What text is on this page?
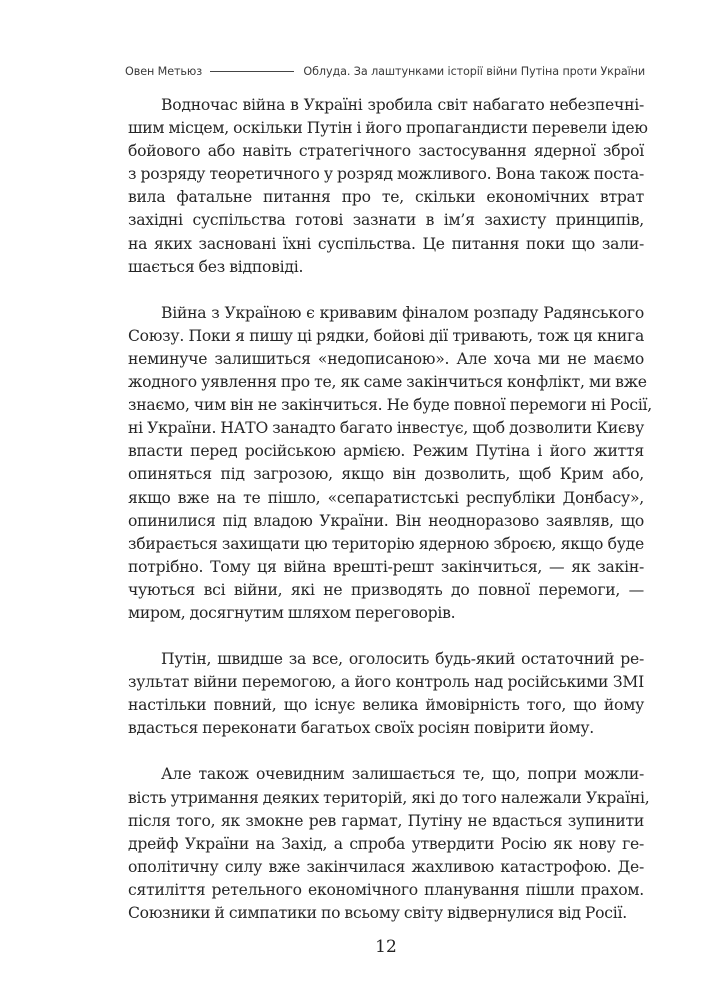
Овен Метьюз	Облуда. За лаштунками історії війни Путіна проти України

Водночас війна в Україні зробила світ набагато небезпечні-
шим місцем, оскільки Путін і його пропагандисти перевели ідею
бойового або навіть стратегічного застосування ядерної зброї
з розряду теоретичного у розряд можливого. Вона також поста-
вила фатальне питання про те, скільки економічних втрат
західні суспільства готові зазнати в ім’я захисту принципів,
на яких засновані їхні суспільства. Це питання поки що зали-
шається без відповіді.

Війна з Україною є кривавим фіналом розпаду Радянського
Союзу. Поки я пишу ці рядки, бойові дії тривають, тож ця книга
неминуче залишиться «недописаною». Але хоча ми не маємо
жодного уявлення про те, як саме закінчиться конфлікт, ми вже
знаємо, чим він не закінчиться. Не буде повної перемоги ні Росії,
ні України. НАТО занадто багато інвестує, щоб дозволити Києву
впасти перед російською армією. Режим Путіна і його життя
опиняться під загрозою, якщо він дозволить, щоб Крим або,
якщо вже на те пішло, «сепаратистські республіки Донбасу»,
опинилися під владою України. Він неодноразово заявляв, що
збирається захищати цю територію ядерною зброєю, якщо буде
потрібно. Тому ця війна врешті-решт закінчиться, — як закін-
чуються всі війни, які не призводять до повної перемоги, —
миром, досягнутим шляхом переговорів.

Путін, швидше за все, оголосить будь-який остаточний ре-
зультат війни перемогою, а його контроль над російськими ЗМІ
настільки повний, що існує велика ймовірність того, що йому
вдасться переконати багатьох своїх росіян повірити йому.

Але також очевидним залишається те, що, попри можли-
вість утримання деяких територій, які до того належали Україні,
після того, як змокне рев гармат, Путіну не вдасться зупинити
дрейф України на Захід, а спроба утвердити Росію як нову ге-
ополітичну силу вже закінчилася жахливою катастрофою. Де-
сятиліття ретельного економічного планування пішли прахом.
Союзники й симпатики по всьому світу відвернулися від Росії.

12
